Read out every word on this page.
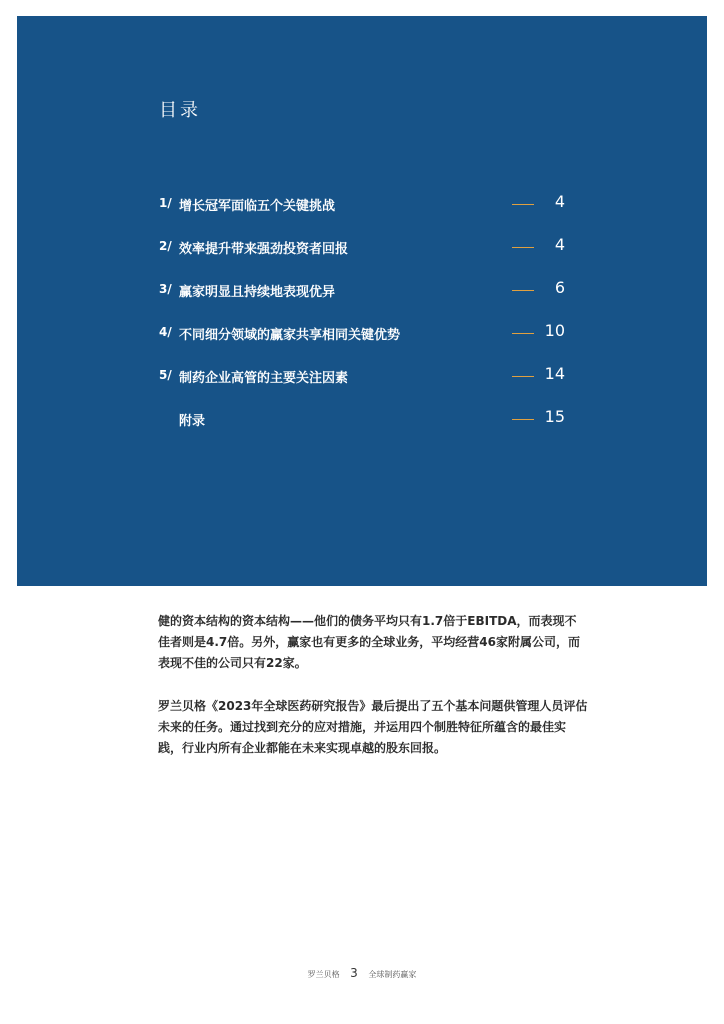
目录
1/ 增长冠军面临五个关键挑战	4
2/ 效率提升带来强劲投资者回报	4
3/ 赢家明显且持续地表现优异	6
4/ 不同细分领域的赢家共享相同关键优势	10
5/ 制药企业高管的主要关注因素	14
附录	15

健的资本结构的资本结构——他们的债务平均只有1.7倍于EBITDA，而表现不佳者则是4.7倍。另外，赢家也有更多的全球业务，平均经营46家附属公司，而表现不佳的公司只有22家。

罗兰贝格《2023年全球医药研究报告》最后提出了五个基本问题供管理人员评估未来的任务。通过找到充分的应对措施，并运用四个制胜特征所蕴含的最佳实践，行业内所有企业都能在未来实现卓越的股东回报。

罗兰贝格 3 全球制药赢家
